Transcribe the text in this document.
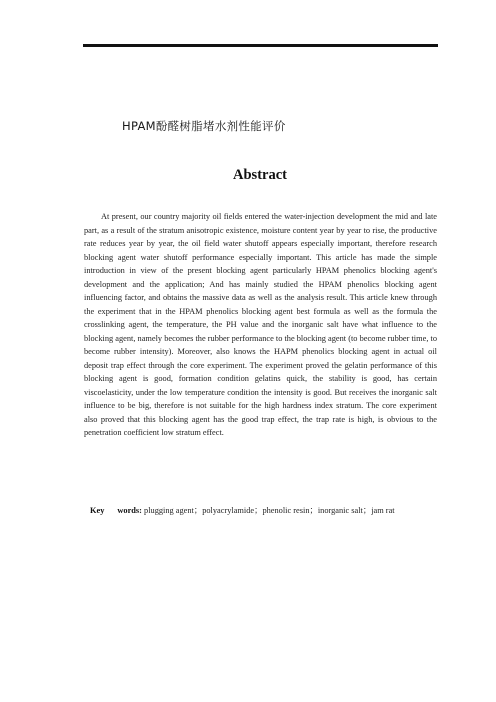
HPAM酚醛树脂堵水剂性能评价
Abstract

At present, our country majority oil fields entered the water-injection development the mid and late part, as a result of the stratum anisotropic existence, moisture content year by year to rise, the productive rate reduces year by year, the oil field water shutoff appears especially important, therefore research blocking agent water shutoff performance especially important. This article has made the simple introduction in view of the present blocking agent particularly HPAM phenolics blocking agent's development and the application; And has mainly studied the HPAM phenolics blocking agent influencing factor, and obtains the massive data as well as the analysis result. This article knew through the experiment that in the HPAM phenolics blocking agent best formula as well as the formula the crosslinking agent, the temperature, the PH value and the inorganic salt have what influence to the blocking agent, namely becomes the rubber performance to the blocking agent (to become rubber time, to become rubber intensity). Moreover, also knows the HAPM phenolics blocking agent in actual oil deposit trap effect through the core experiment. The experiment proved the gelatin performance of this blocking agent is good, formation condition gelatins quick, the stability is good, has certain viscoelasticity, under the low temperature condition the intensity is good. But receives the inorganic salt influence to be big, therefore is not suitable for the high hardness index stratum. The core experiment also proved that this blocking agent has the good trap effect, the trap rate is high, is obvious to the penetration coefficient low stratum effect.

Key words: plugging agent；polyacrylamide；phenolic resin；inorganic salt；jam rat
